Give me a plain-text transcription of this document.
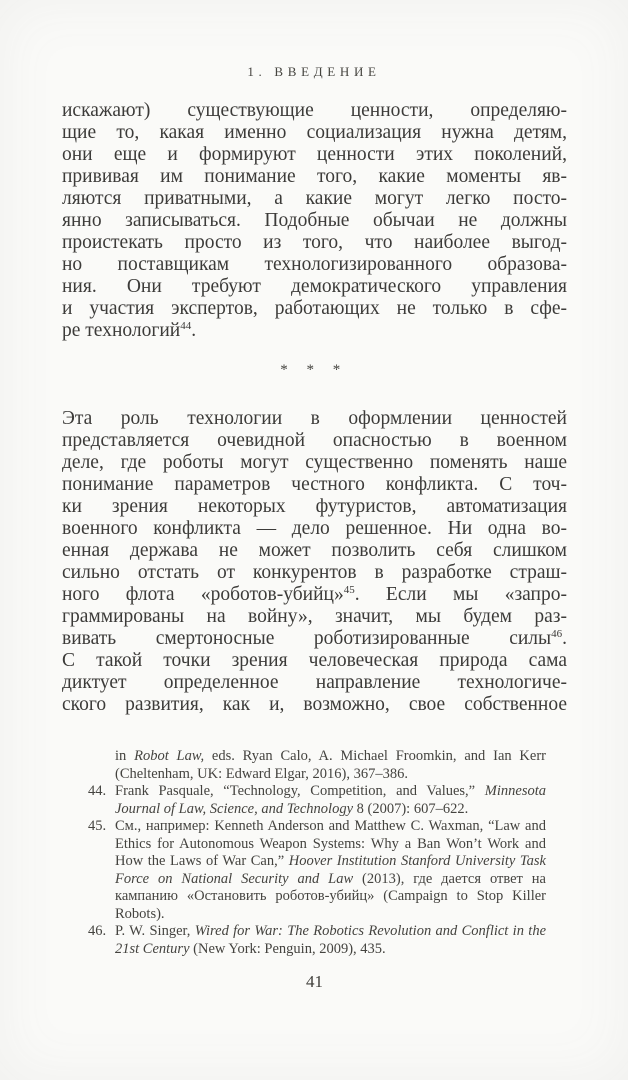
1. ВВЕДЕНИЕ
искажают) существующие ценности, определяю-
щие то, какая именно социализация нужна детям,
они еще и формируют ценности этих поколений,
прививая им понимание того, какие моменты яв-
ляются приватными, а какие могут легко посто-
янно записываться. Подобные обычаи не должны
проистекать просто из того, что наиболее выгод-
но поставщикам технологизированного образова-
ния. Они требуют демократического управления
и участия экспертов, работающих не только в сфе-
ре технологий$^{44}$.
* * *
Эта роль технологии в оформлении ценностей
представляется очевидной опасностью в военном
деле, где роботы могут существенно поменять наше
понимание параметров честного конфликта. С точ-
ки зрения некоторых футуристов, автоматизация
военного конфликта — дело решенное. Ни одна во-
енная держава не может позволить себя слишком
сильно отстать от конкурентов в разработке страш-
ного флота «роботов-убийц»$^{45}$. Если мы «запро-
граммированы на войну», значит, мы будем раз-
вивать смертоносные роботизированные силы$^{46}$.
С такой точки зрения человеческая природа сама
диктует определенное направление технологиче-
ского развития, как и, возможно, свое собственное
in Robot Law, eds. Ryan Calo, A. Michael Froomkin, and Ian Kerr (Cheltenham, UK: Edward Elgar, 2016), 367–386.
44. Frank Pasquale, “Technology, Competition, and Values,” Minnesota Journal of Law, Science, and Technology 8 (2007): 607–622.
45. См., например: Kenneth Anderson and Matthew C. Waxman, “Law and Ethics for Autonomous Weapon Systems: Why a Ban Won’t Work and How the Laws of War Can,” Hoover Institution Stanford University Task Force on National Security and Law (2013), где дается ответ на кампанию «Остановить роботов-убийц» (Campaign to Stop Killer Robots).
46. P. W. Singer, Wired for War: The Robotics Revolution and Conflict in the 21st Century (New York: Penguin, 2009), 435.
41
